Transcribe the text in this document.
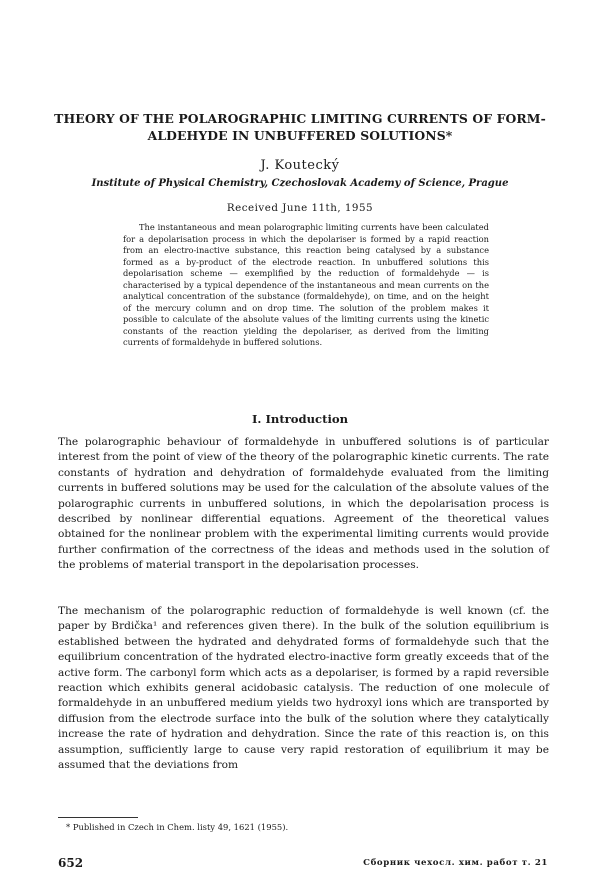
THEORY OF THE POLAROGRAPHIC LIMITING CURRENTS OF FORM-
ALDEHYDE IN UNBUFFERED SOLUTIONS*
J. Koutecký
Institute of Physical Chemistry, Czechoslovak Academy of Science, Prague
Received June 11th, 1955

The instantaneous and mean polarographic limiting currents have been calculated for a depolarisation process in which the depolariser is formed by a rapid reaction from an electro-inactive substance, this reaction being catalysed by a substance formed as a by-product of the electrode reaction. In unbuffered solutions this depolarisation scheme — exemplified by the reduction of formaldehyde — is characterised by a typical dependence of the instantaneous and mean currents on the analytical concentration of the substance (formaldehyde), on time, and on the height of the mercury column and on drop time. The solution of the problem makes it possible to calculate of the absolute values of the limiting currents using the kinetic constants of the reaction yielding the depolariser, as derived from the limiting currents of formaldehyde in buffered solutions.

I. Introduction

The polarographic behaviour of formaldehyde in unbuffered solutions is of particular interest from the point of view of the theory of the polarographic kinetic currents. The rate constants of hydration and dehydration of formaldehyde evaluated from the limiting currents in buffered solutions may be used for the calculation of the absolute values of the polarographic currents in unbuffered solutions, in which the depolarisation process is described by nonlinear differential equations. Agreement of the theoretical values obtained for the nonlinear problem with the experimental limiting currents would provide further confirmation of the correctness of the ideas and methods used in the solution of the problems of material transport in the depolarisation processes.

The mechanism of the polarographic reduction of formaldehyde is well known (cf. the paper by Brdička¹ and references given there). In the bulk of the solution equilibrium is established between the hydrated and dehydrated forms of formaldehyde such that the equilibrium concentration of the hydrated electro-inactive form greatly exceeds that of the active form. The carbonyl form which acts as a depolariser, is formed by a rapid reversible reaction which exhibits general acidobasic catalysis. The reduction of one molecule of formaldehyde in an unbuffered medium yields two hydroxyl ions which are transported by diffusion from the electrode surface into the bulk of the solution where they catalytically increase the rate of hydration and dehydration. Since the rate of this reaction is, on this assumption, sufficiently large to cause very rapid restoration of equilibrium it may be assumed that the deviations from

* Published in Czech in Chem. listy 49, 1621 (1955).
652	Сборник чехосл. хим. работ т. 21
